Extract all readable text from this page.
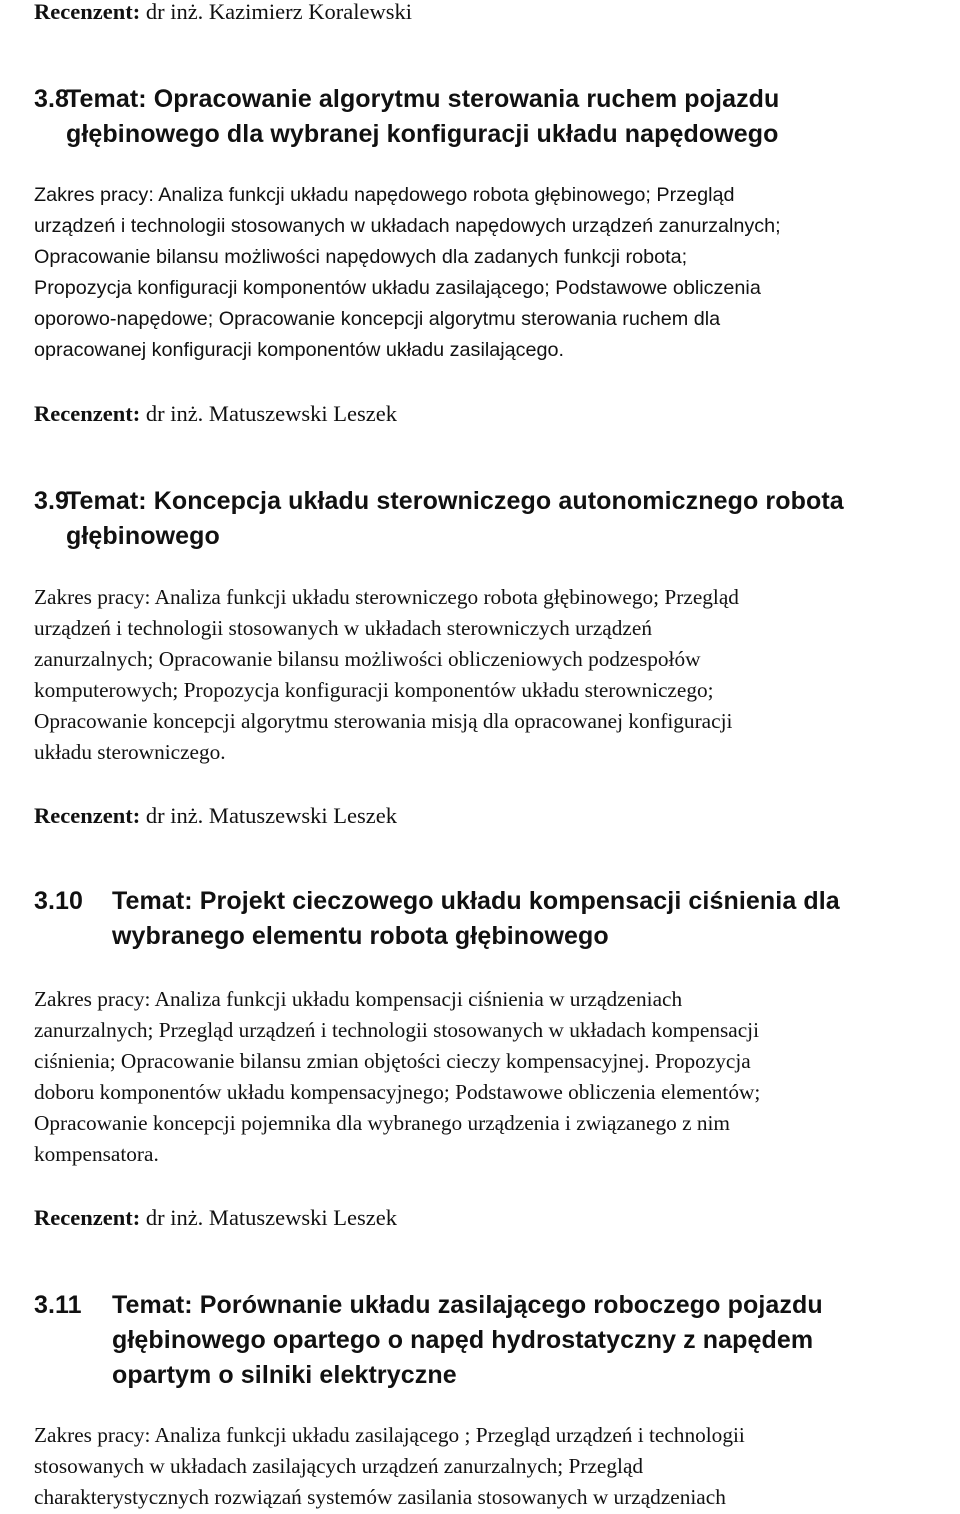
Recenzent: dr inż. Kazimierz Koralewski
3.8
Temat: Opracowanie algorytmu sterowania ruchem pojazdu
głębinowego dla wybranej konfiguracji układu napędowego
Zakres pracy: Analiza funkcji układu napędowego robota głębinowego; Przegląd
urządzeń i technologii stosowanych w układach napędowych urządzeń zanurzalnych;
Opracowanie bilansu możliwości napędowych dla zadanych funkcji robota;
Propozycja konfiguracji komponentów układu zasilającego; Podstawowe obliczenia
oporowo-napędowe; Opracowanie koncepcji algorytmu sterowania ruchem dla
opracowanej konfiguracji komponentów układu zasilającego.
Recenzent: dr inż. Matuszewski Leszek
3.9
Temat: Koncepcja układu sterowniczego autonomicznego robota
głębinowego
Zakres pracy: Analiza funkcji układu sterowniczego robota głębinowego; Przegląd
urządzeń i technologii stosowanych w układach sterowniczych urządzeń
zanurzalnych; Opracowanie bilansu możliwości obliczeniowych podzespołów
komputerowych; Propozycja konfiguracji komponentów układu sterowniczego;
Opracowanie koncepcji algorytmu sterowania misją dla opracowanej konfiguracji
układu sterowniczego.
Recenzent: dr inż. Matuszewski Leszek
3.10	Temat: Projekt cieczowego układu kompensacji ciśnienia dla
wybranego elementu robota głębinowego
Zakres pracy: Analiza funkcji układu kompensacji ciśnienia w urządzeniach
zanurzalnych; Przegląd urządzeń i technologii stosowanych w układach kompensacji
ciśnienia; Opracowanie bilansu zmian objętości cieczy kompensacyjnej. Propozycja
doboru komponentów układu kompensacyjnego; Podstawowe obliczenia elementów;
Opracowanie koncepcji pojemnika dla wybranego urządzenia i związanego z nim
kompensatora.
Recenzent: dr inż. Matuszewski Leszek
3.11	Temat: Porównanie układu zasilającego roboczego pojazdu
głębinowego opartego o napęd hydrostatyczny z napędem
opartym o silniki elektryczne
Zakres pracy: Analiza funkcji układu zasilającego ; Przegląd urządzeń i technologii
stosowanych w układach zasilających urządzeń zanurzalnych; Przegląd
charakterystycznych rozwiązań systemów zasilania stosowanych w urządzeniach
